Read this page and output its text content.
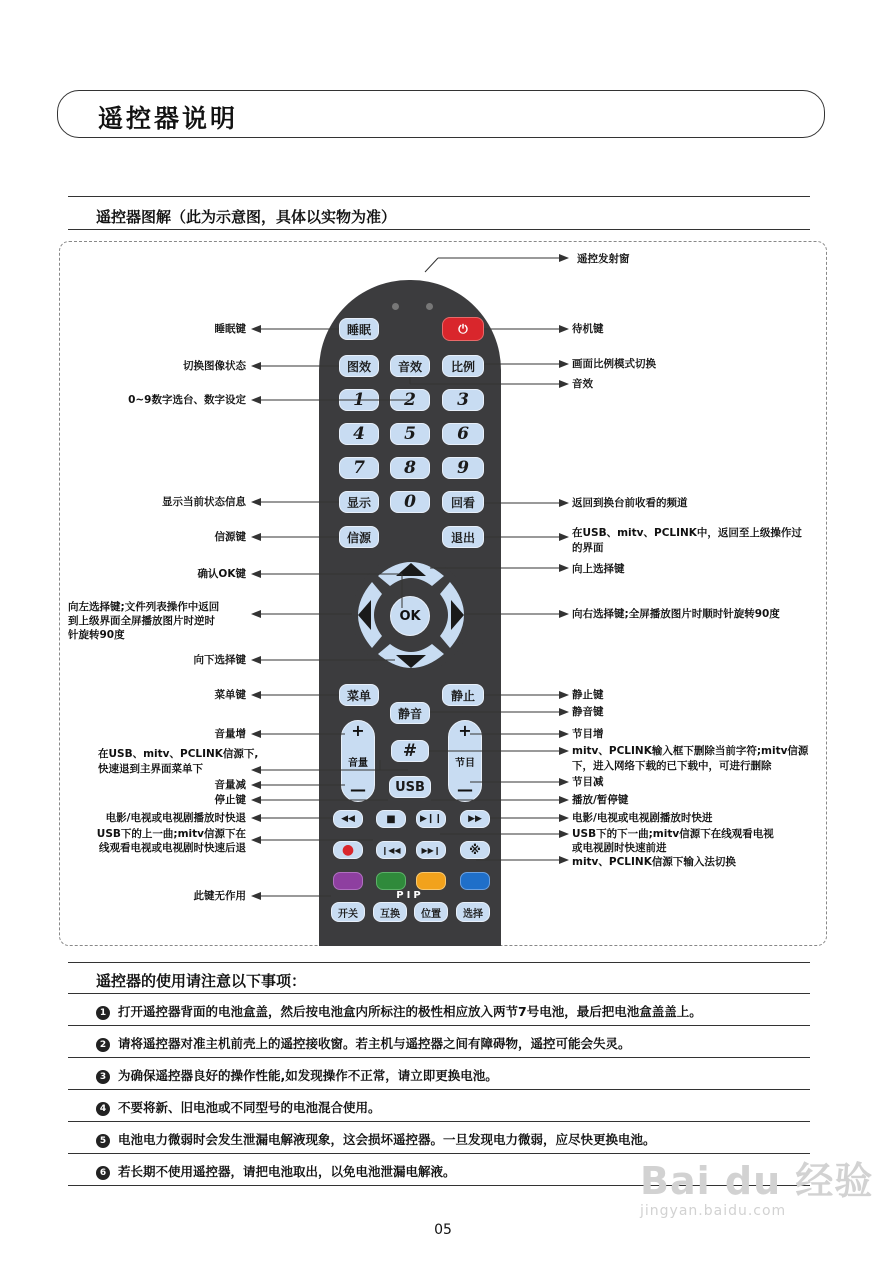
遥控器说明
遥控器图解（此为示意图，具体以实物为准）
睡眠	⏻
图效	音效	比例
1	2	3
4	5	6
7	8	9
显示	0	回看
信源	退出
OK
菜单	静止
静音
+
音量
—
+
节目
—
#
USB
◀◀	■	▶❙❙	▶▶
●	❙◀◀	▶▶❙	※
PIP
开关	互换	位置	选择
睡眠键
切换图像状态
0~9数字选台、数字设定
显示当前状态信息
信源键
确认OK键
向左选择键;文件列表操作中返回
到上级界面全屏播放图片时逆时
针旋转90度
向下选择键
菜单键
音量增
在USB、mitv、PCLINK信源下,
快速退到主界面菜单下
音量减
停止键
电影/电视或电视剧播放时快退
USB下的上一曲;mitv信源下在
线观看电视或电视剧时快速后退
此键无作用
遥控发射窗
待机键
画面比例模式切换
音效
返回到换台前收看的频道
在USB、mitv、PCLINK中，返回至上级操作过
的界面
向上选择键
向右选择键;全屏播放图片时顺时针旋转90度
静止键
静音键
节目增
mitv、PCLINK输入框下删除当前字符;mitv信源
下，进入网络下载的已下载中，可进行删除
节目减
播放/暂停键
电影/电视或电视剧播放时快进
USB下的下一曲;mitv信源下在线观看电视
或电视剧时快速前进
mitv、PCLINK信源下输入法切换
遥控器的使用请注意以下事项：
1 打开遥控器背面的电池盒盖，然后按电池盒内所标注的极性相应放入两节7号电池，最后把电池盒盖盖上。
2 请将遥控器对准主机前壳上的遥控接收窗。若主机与遥控器之间有障碍物，遥控可能会失灵。
3 为确保遥控器良好的操作性能,如发现操作不正常，请立即更换电池。
4 不要将新、旧电池或不同型号的电池混合使用。
5 电池电力微弱时会发生泄漏电解液现象，这会损坏遥控器。一旦发现电力微弱，应尽快更换电池。
6 若长期不使用遥控器，请把电池取出，以免电池泄漏电解液。
05
Bai du 经验
jingyan.baidu.com
